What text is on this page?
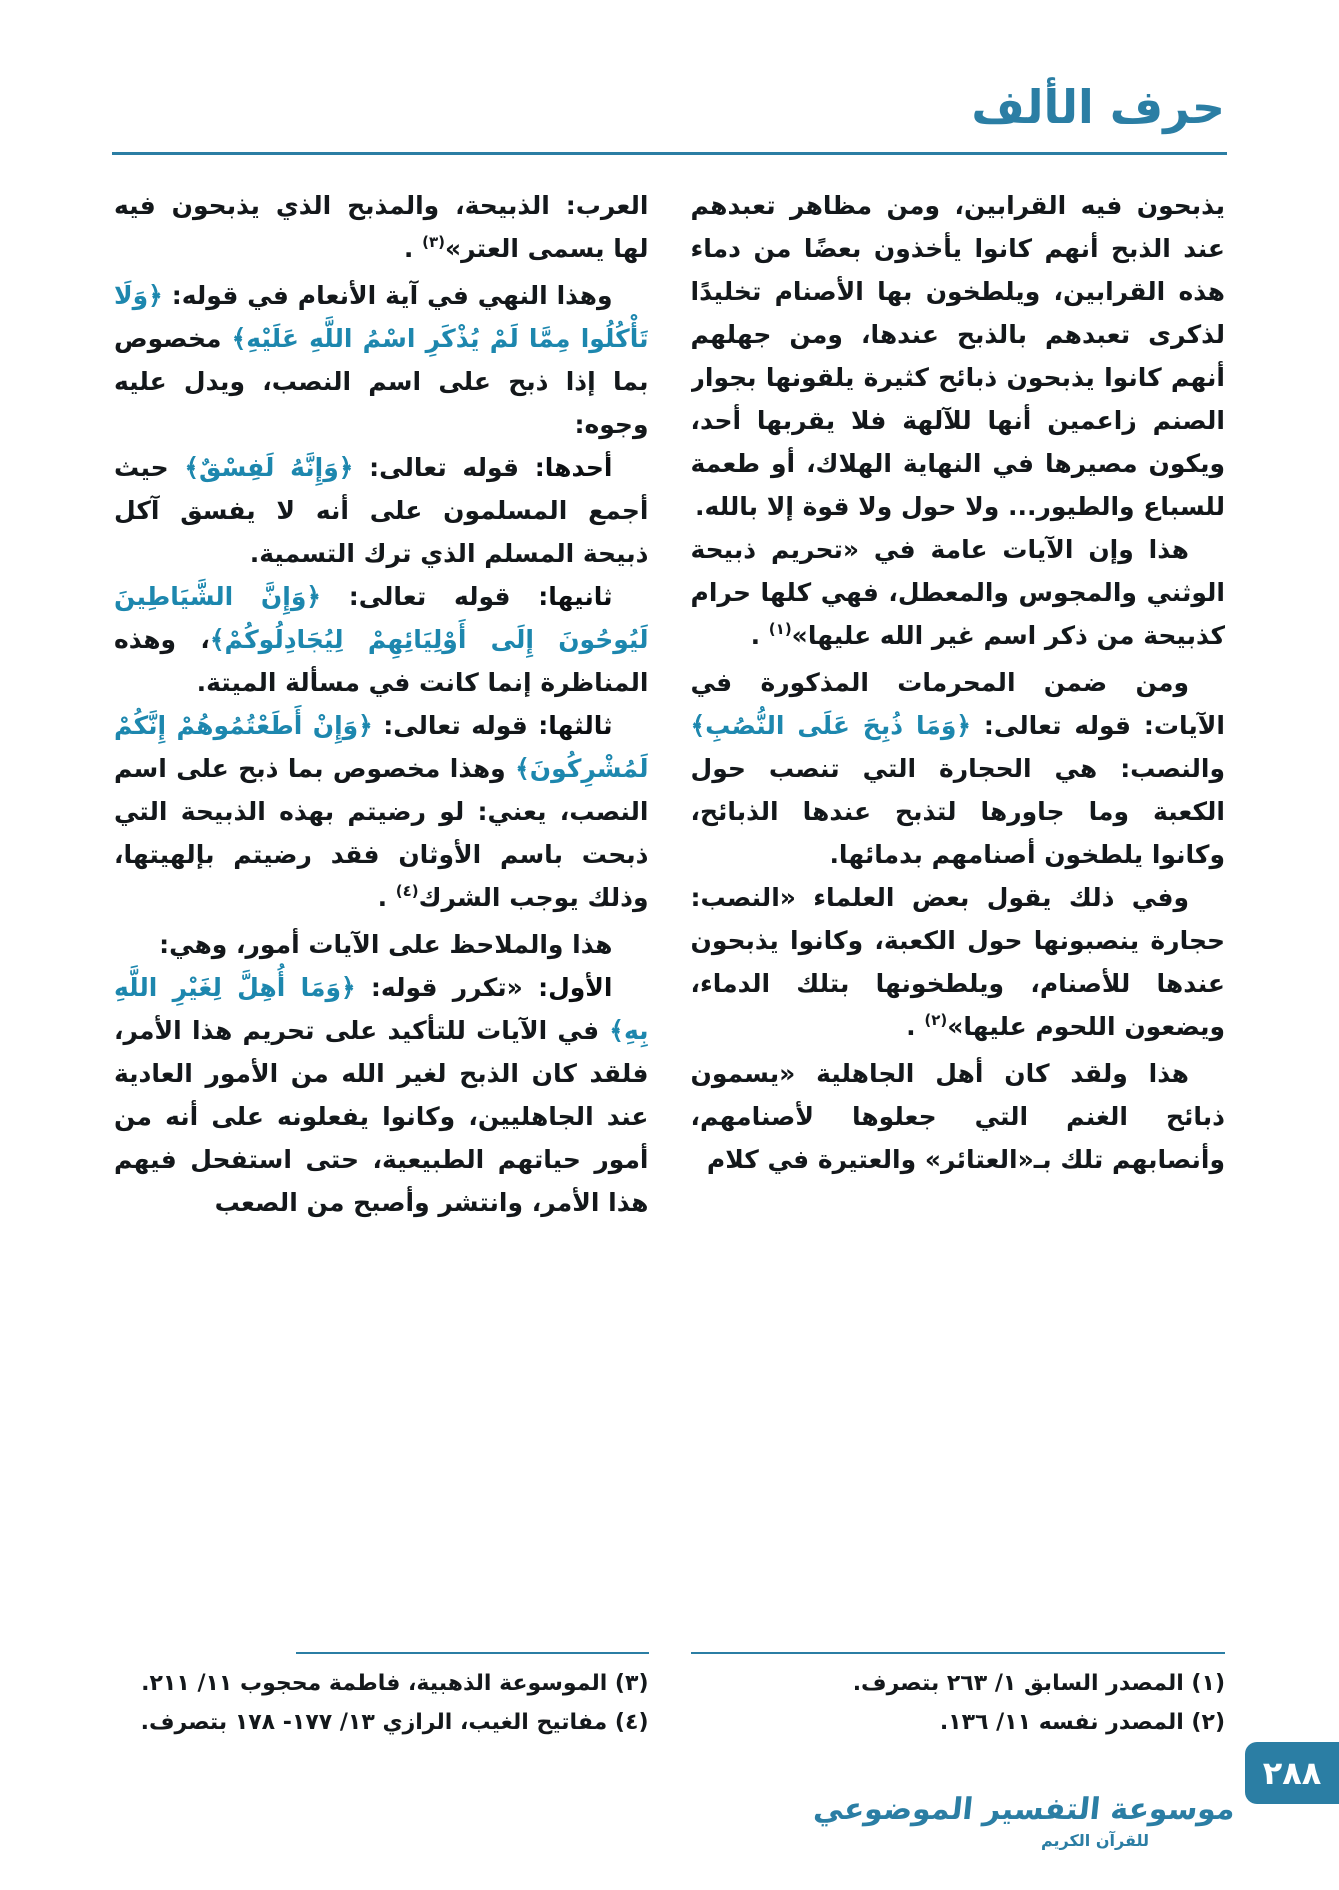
حرف الألف

يذبحون فيه القرابين، ومن مظاهر تعبدهم عند الذبح أنهم كانوا يأخذون بعضًا من دماء هذه القرابين، ويلطخون بها الأصنام تخليدًا لذكرى تعبدهم بالذبح عندها، ومن جهلهم أنهم كانوا يذبحون ذبائح كثيرة يلقونها بجوار الصنم زاعمين أنها للآلهة فلا يقربها أحد، ويكون مصيرها في النهاية الهلاك، أو طعمة للسباع والطيور... ولا حول ولا قوة إلا بالله.

هذا وإن الآيات عامة في «تحريم ذبيحة الوثني والمجوس والمعطل، فهي كلها حرام كذبيحة من ذكر اسم غير الله عليها»$^{(١)}$ .

ومن ضمن المحرمات المذكورة في الآيات: قوله تعالى: ﴿وَمَا ذُبِحَ عَلَى النُّصُبِ﴾ والنصب: هي الحجارة التي تنصب حول الكعبة وما جاورها لتذبح عندها الذبائح، وكانوا يلطخون أصنامهم بدمائها.

وفي ذلك يقول بعض العلماء «النصب: حجارة ينصبونها حول الكعبة، وكانوا يذبحون عندها للأصنام، ويلطخونها بتلك الدماء، ويضعون اللحوم عليها»$^{(٢)}$ .

هذا ولقد كان أهل الجاهلية «يسمون ذبائح الغنم التي جعلوها لأصنامهم، وأنصابهم تلك بـ«العتائر» والعتيرة في كلام

(١) المصدر السابق ١/ ٢٦٣ بتصرف.
(٢) المصدر نفسه ١١/ ١٣٦.

العرب: الذبيحة، والمذبح الذي يذبحون فيه لها يسمى العتر»$^{(٣)}$ .

وهذا النهي في آية الأنعام في قوله: ﴿وَلَا تَأْكُلُوا مِمَّا لَمْ يُذْكَرِ اسْمُ اللَّهِ عَلَيْهِ﴾ مخصوص بما إذا ذبح على اسم النصب، ويدل عليه وجوه:

أحدها: قوله تعالى: ﴿وَإِنَّهُ لَفِسْقٌ﴾ حيث أجمع المسلمون على أنه لا يفسق آكل ذبيحة المسلم الذي ترك التسمية.

ثانيها: قوله تعالى: ﴿وَإِنَّ الشَّيَاطِينَ لَيُوحُونَ إِلَى أَوْلِيَائِهِمْ لِيُجَادِلُوكُمْ﴾، وهذه المناظرة إنما كانت في مسألة الميتة.

ثالثها: قوله تعالى: ﴿وَإِنْ أَطَعْتُمُوهُمْ إِنَّكُمْ لَمُشْرِكُونَ﴾ وهذا مخصوص بما ذبح على اسم النصب، يعني: لو رضيتم بهذه الذبيحة التي ذبحت باسم الأوثان فقد رضيتم بإلهيتها، وذلك يوجب الشرك$^{(٤)}$ .

هذا والملاحظ على الآيات أمور، وهي:

الأول: «تكرر قوله: ﴿وَمَا أُهِلَّ لِغَيْرِ اللَّهِ بِهِ﴾ في الآيات للتأكيد على تحريم هذا الأمر، فلقد كان الذبح لغير الله من الأمور العادية عند الجاهليين، وكانوا يفعلونه على أنه من أمور حياتهم الطبيعية، حتى استفحل فيهم هذا الأمر، وانتشر وأصبح من الصعب

(٣) الموسوعة الذهبية، فاطمة محجوب ١١/ ٢١١.
(٤) مفاتيح الغيب، الرازي ١٣/ ١٧٧- ١٧٨ بتصرف.
موسوعة التفسير الموضوعي
للقرآن الكريم
٢٨٨
